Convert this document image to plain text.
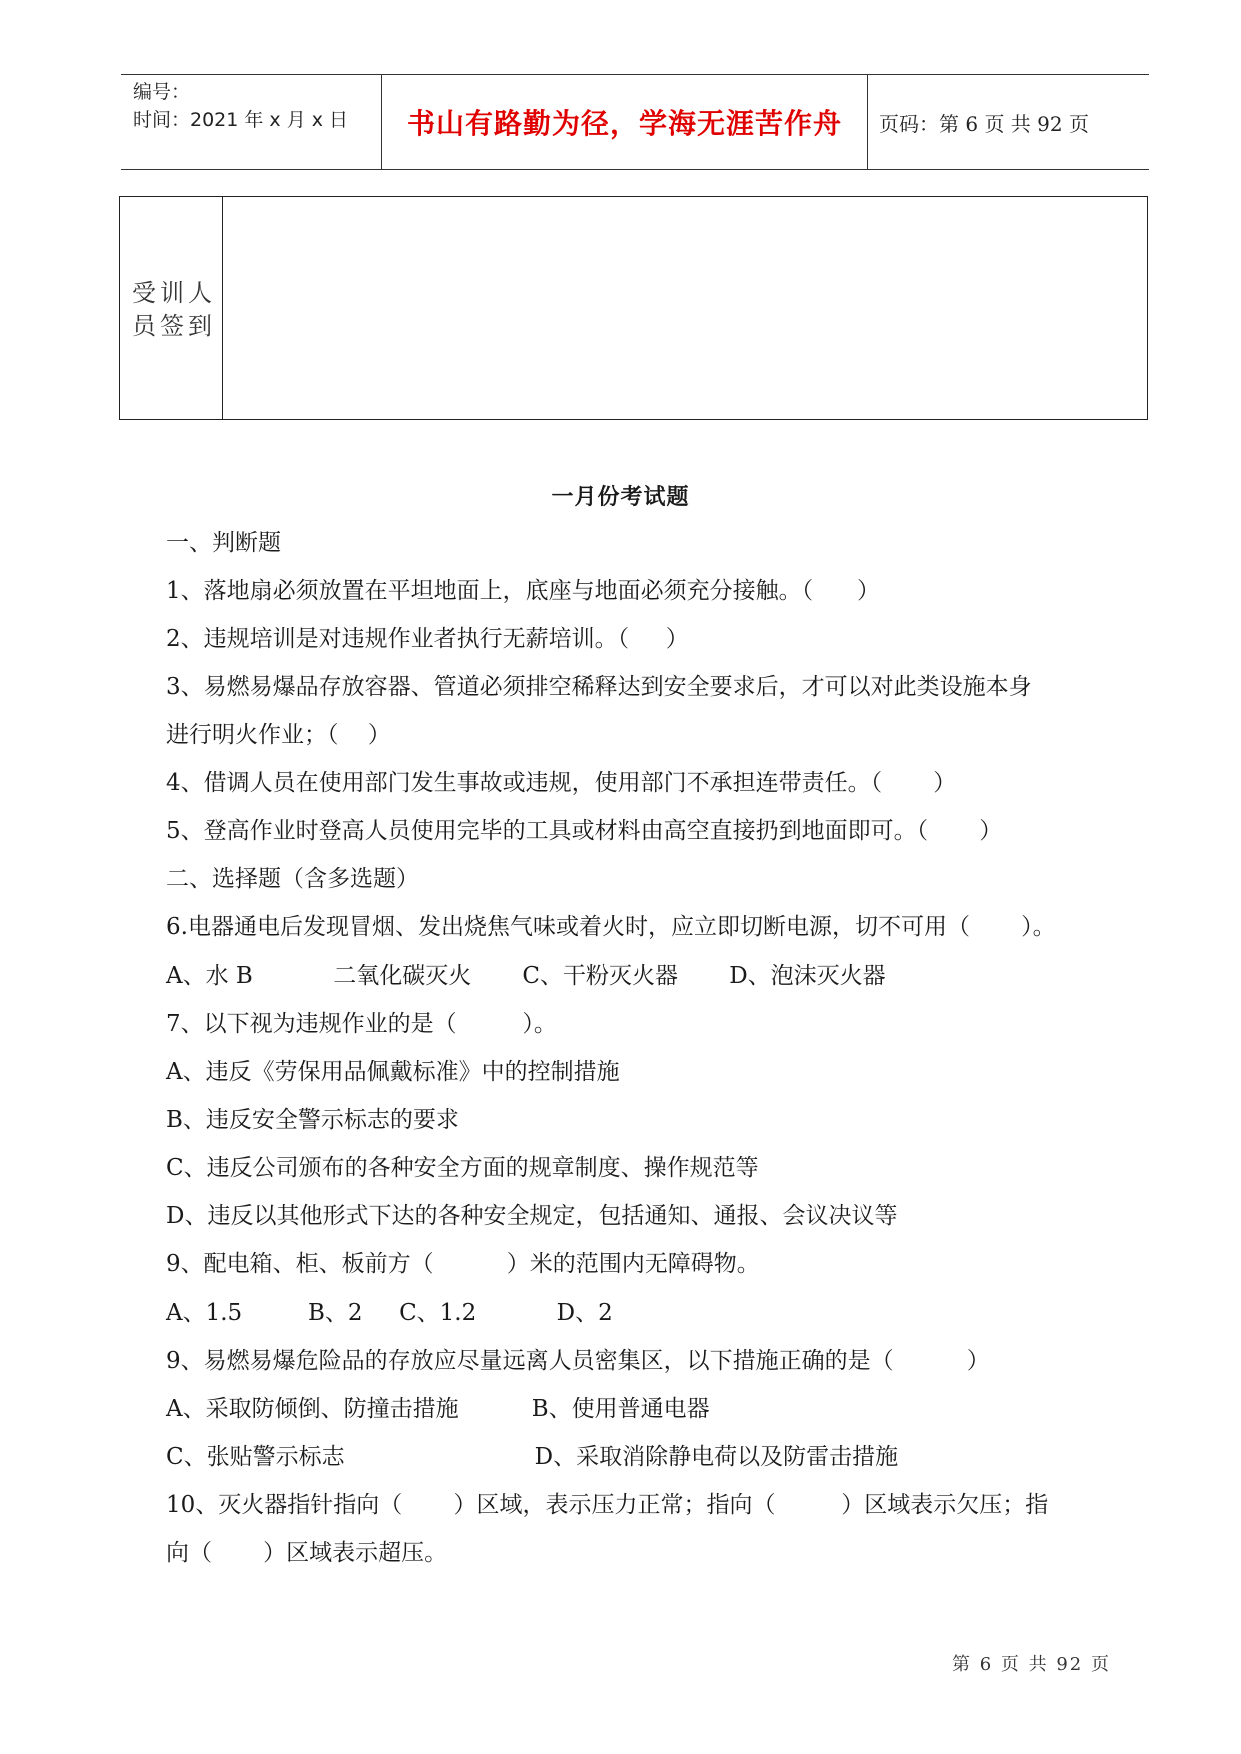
编号：
时间：2021 年 x 月 x 日 书山有路勤为径，学海无涯苦作舟 页码：第 6 页 共 92 页
受训人员签到
一月份考试题
一、判断题
1、落地扇必须放置在平坦地面上，底座与地面必须充分接触。（      ）
2、违规培训是对违规作业者执行无薪培训。（     ）
3、易燃易爆品存放容器、管道必须排空稀释达到安全要求后，才可以对此类设施本身
进行明火作业；（    ）
4、借调人员在使用部门发生事故或违规，使用部门不承担连带责任。（       ）
5、登高作业时登高人员使用完毕的工具或材料由高空直接扔到地面即可。（       ）
二、选择题（含多选题）
6.电器通电后发现冒烟、发出烧焦气味或着火时，应立即切断电源，切不可用（       ）。
A、水 B           二氧化碳灭火       C、干粉灭火器       D、泡沫灭火器
7、以下视为违规作业的是（         ）。
A、违反《劳保用品佩戴标准》中的控制措施
B、违反安全警示标志的要求
C、违反公司颁布的各种安全方面的规章制度、操作规范等
D、违反以其他形式下达的各种安全规定，包括通知、通报、会议决议等
9、配电箱、柜、板前方（          ）米的范围内无障碍物。
A、1.5         B、2     C、1.2           D、2
9、易燃易爆危险品的存放应尽量远离人员密集区，以下措施正确的是（          ）
A、采取防倾倒、防撞击措施          B、使用普通电器
C、张贴警示标志                          D、采取消除静电荷以及防雷击措施
10、灭火器指针指向（       ）区域，表示压力正常；指向（         ）区域表示欠压；指
向（       ）区域表示超压。
第 6 页 共 92 页
